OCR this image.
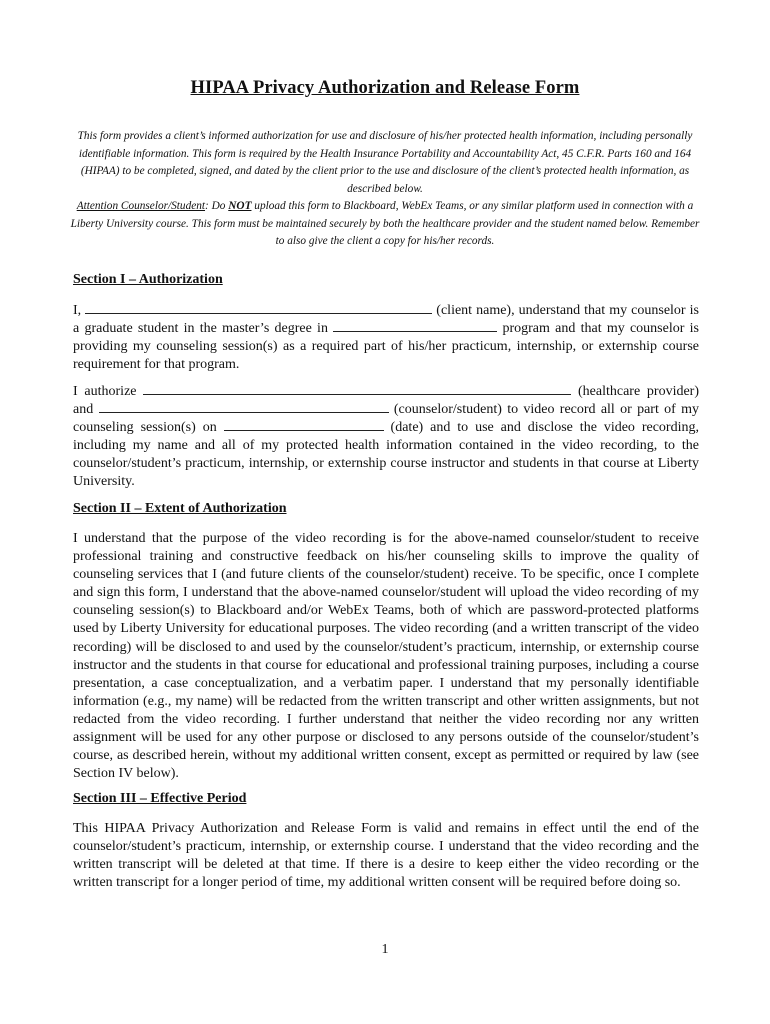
HIPAA Privacy Authorization and Release Form
This form provides a client’s informed authorization for use and disclosure of his/her protected health information, including personally identifiable information. This form is required by the Health Insurance Portability and Accountability Act, 45 C.F.R. Parts 160 and 164 (HIPAA) to be completed, signed, and dated by the client prior to the use and disclosure of the client’s protected health information, as described below.
Attention Counselor/Student: Do NOT upload this form to Blackboard, WebEx Teams, or any similar platform used in connection with a Liberty University course. This form must be maintained securely by both the healthcare provider and the student named below. Remember to also give the client a copy for his/her records.
Section I – Authorization
I,	(client name), understand that my counselor is a graduate student in the master’s degree in	program and that my counselor is providing my counseling session(s) as a required part of his/her practicum, internship, or externship course requirement for that program.
I authorize	(healthcare provider) and	(counselor/student) to video record all or part of my counseling session(s) on	(date) and to use and disclose the video recording, including my name and all of my protected health information contained in the video recording, to the counselor/student’s practicum, internship, or externship course instructor and students in that course at Liberty University.
Section II – Extent of Authorization
I understand that the purpose of the video recording is for the above-named counselor/student to receive professional training and constructive feedback on his/her counseling skills to improve the quality of counseling services that I (and future clients of the counselor/student) receive. To be specific, once I complete and sign this form, I understand that the above-named counselor/student will upload the video recording of my counseling session(s) to Blackboard and/or WebEx Teams, both of which are password-protected platforms used by Liberty University for educational purposes. The video recording (and a written transcript of the video recording) will be disclosed to and used by the counselor/student’s practicum, internship, or externship course instructor and the students in that course for educational and professional training purposes, including a course presentation, a case conceptualization, and a verbatim paper. I understand that my personally identifiable information (e.g., my name) will be redacted from the written transcript and other written assignments, but not redacted from the video recording. I further understand that neither the video recording nor any written assignment will be used for any other purpose or disclosed to any persons outside of the counselor/student’s course, as described herein, without my additional written consent, except as permitted or required by law (see Section IV below).
Section III – Effective Period
This HIPAA Privacy Authorization and Release Form is valid and remains in effect until the end of the counselor/student’s practicum, internship, or externship course. I understand that the video recording and the written transcript will be deleted at that time. If there is a desire to keep either the video recording or the written transcript for a longer period of time, my additional written consent will be required before doing so.
1
